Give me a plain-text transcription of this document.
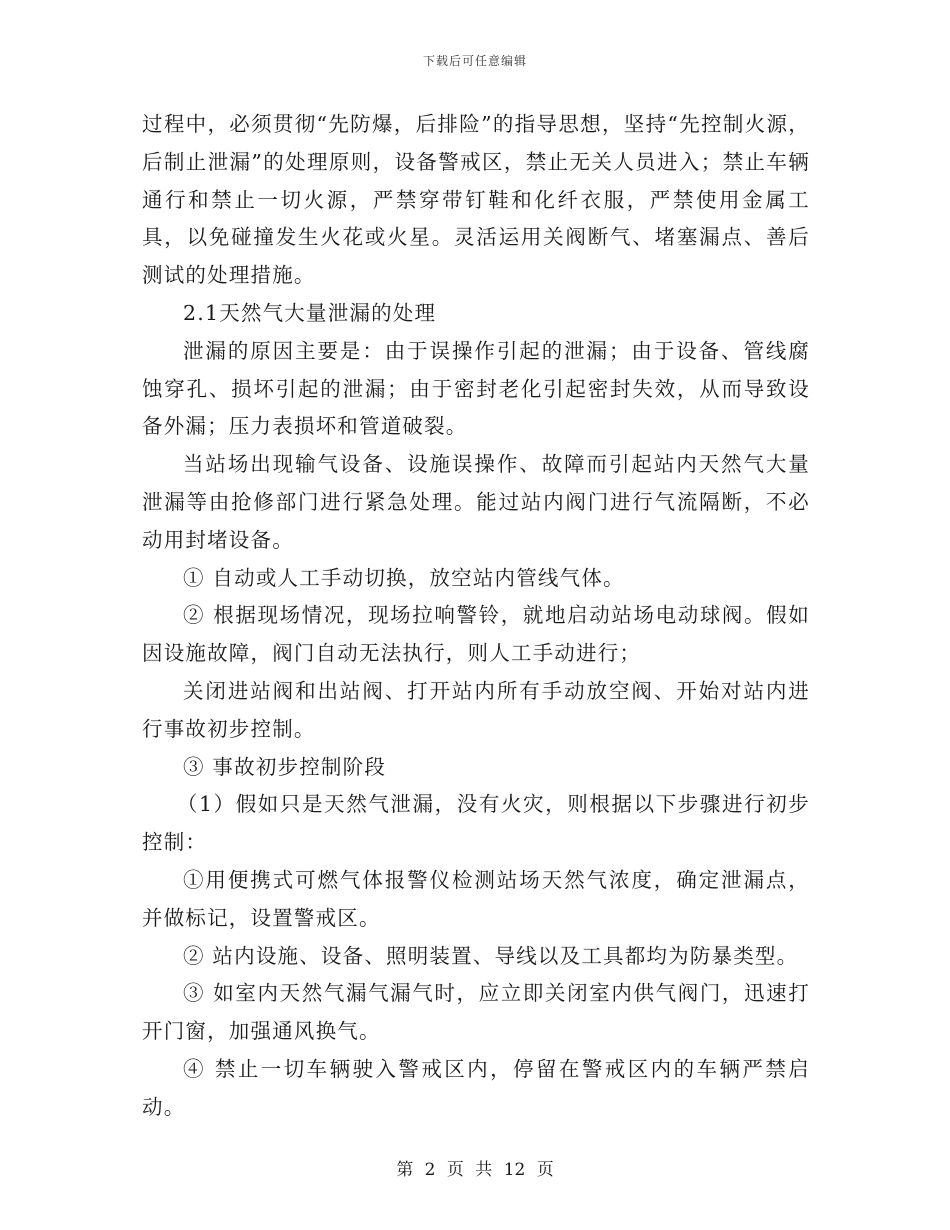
下载后可任意编辑

过程中，必须贯彻“先防爆，后排险”的指导思想，坚持“先控制火源，后制止泄漏”的处理原则，设备警戒区，禁止无关人员进入；禁止车辆通行和禁止一切火源，严禁穿带钉鞋和化纤衣服，严禁使用金属工具，以免碰撞发生火花或火星。灵活运用关阀断气、堵塞漏点、善后测试的处理措施。

2.1天然气大量泄漏的处理

泄漏的原因主要是：由于误操作引起的泄漏；由于设备、管线腐蚀穿孔、损坏引起的泄漏；由于密封老化引起密封失效，从而导致设备外漏；压力表损坏和管道破裂。

当站场出现输气设备、设施误操作、故障而引起站内天然气大量泄漏等由抢修部门进行紧急处理。能过站内阀门进行气流隔断，不必动用封堵设备。

① 自动或人工手动切换，放空站内管线气体。

② 根据现场情况，现场拉响警铃，就地启动站场电动球阀。假如因设施故障，阀门自动无法执行，则人工手动进行；

关闭进站阀和出站阀、打开站内所有手动放空阀、开始对站内进行事故初步控制。

③ 事故初步控制阶段

（1）假如只是天然气泄漏，没有火灾，则根据以下步骤进行初步控制：

①用便携式可燃气体报警仪检测站场天然气浓度，确定泄漏点，并做标记，设置警戒区。

② 站内设施、设备、照明装置、导线以及工具都均为防暴类型。

③ 如室内天然气漏气漏气时，应立即关闭室内供气阀门，迅速打开门窗，加强通风换气。

④ 禁止一切车辆驶入警戒区内，停留在警戒区内的车辆严禁启动。

第 2 页 共 12 页
